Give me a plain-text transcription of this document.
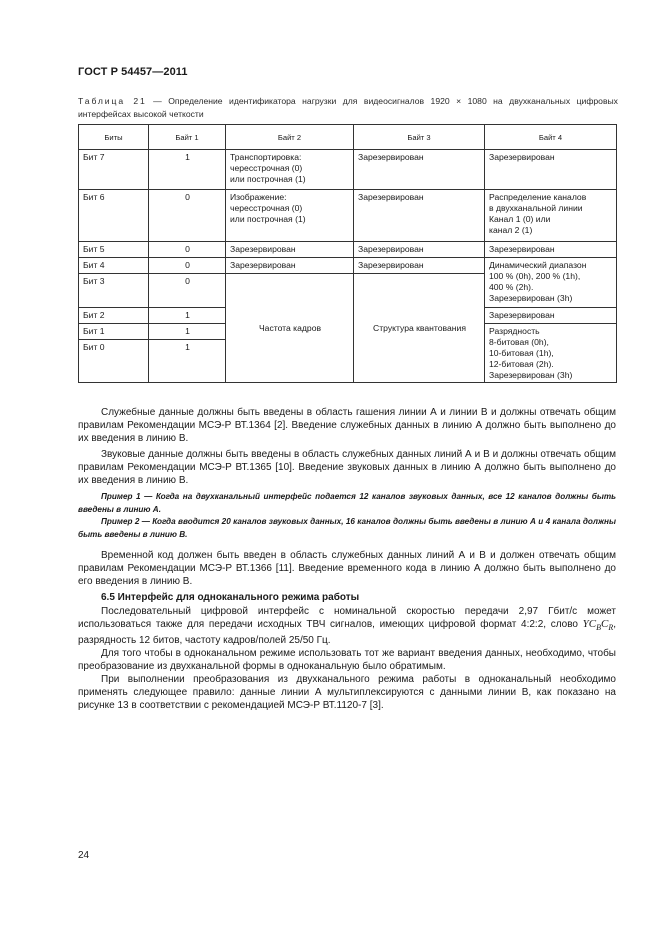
ГОСТ Р 54457—2011
Таблица 21 — Определение идентификатора нагрузки для видеосигналов 1920 × 1080 на двухканальных цифровых интерфейсах высокой четкости
Биты	Байт 1	Байт 2	Байт 3	Байт 4
Бит 7	1	Транспортировка:
чересстрочная (0)
или построчная (1)	Зарезервирован	Зарезервирован
Бит 6	0	Изображение:
чересстрочная (0)
или построчная (1)	Зарезервирован	Распределение каналов
в двухканальной линии
Канал 1 (0) или
канал 2 (1)
Бит 5	0	Зарезервирован	Зарезервирован	Зарезервирован
Бит 4	0	Зарезервирован	Зарезервирован	Динамический диапазон
100 % (0h), 200 % (1h),
400 % (2h).
Зарезервирован (3h)
Бит 3	0	Частота кадров	Структура квантования	
Бит 2	1			Зарезервирован
Бит 1	1			Разрядность
8-битовая (0h),
10-битовая (1h),
12-битовая (2h).
Зарезервирован (3h)
Бит 0	1			

Служебные данные должны быть введены в область гашения линии А и линии В и должны отвечать общим правилам Рекомендации МСЭ-Р ВТ.1364 [2]. Введение служебных данных в линию А должно быть выполнено до их введения в линию В.

Звуковые данные должны быть введены в область служебных данных линий А и В и должны отвечать общим правилам Рекомендации МСЭ-Р ВТ.1365 [10]. Введение звуковых данных в линию А должно быть выполнено до их введения в линию В.

Пример 1 — Когда на двухканальный интерфейс подается 12 каналов звуковых данных, все 12 каналов должны быть введены в линию А.

Пример 2 — Когда вводится 20 каналов звуковых данных, 16 каналов должны быть введены в линию А и 4 канала должны быть введены в линию В.

Временной код должен быть введен в область служебных данных линий А и В и должен отвечать общим правилам Рекомендации МСЭ-Р ВТ.1366 [11]. Введение временного кода в линию А должно быть выполнено до его введения в линию В.

6.5 Интерфейс для одноканального режима работы

Последовательный цифровой интерфейс с номинальной скоростью передачи 2,97 Гбит/с может использоваться также для передачи исходных ТВЧ сигналов, имеющих цифровой формат 4:2:2, слово $YC_BC_R$, разрядность 12 битов, частоту кадров/полей 25/50 Гц.

Для того чтобы в одноканальном режиме использовать тот же вариант введения данных, необходимо, чтобы преобразование из двухканальной формы в одноканальную было обратимым.

При выполнении преобразования из двухканального режима работы в одноканальный необходимо применять следующее правило: данные линии А мультиплексируются с данными линии В, как показано на рисунке 13 в соответствии с рекомендацией МСЭ-Р ВТ.1120-7 [3].

24
